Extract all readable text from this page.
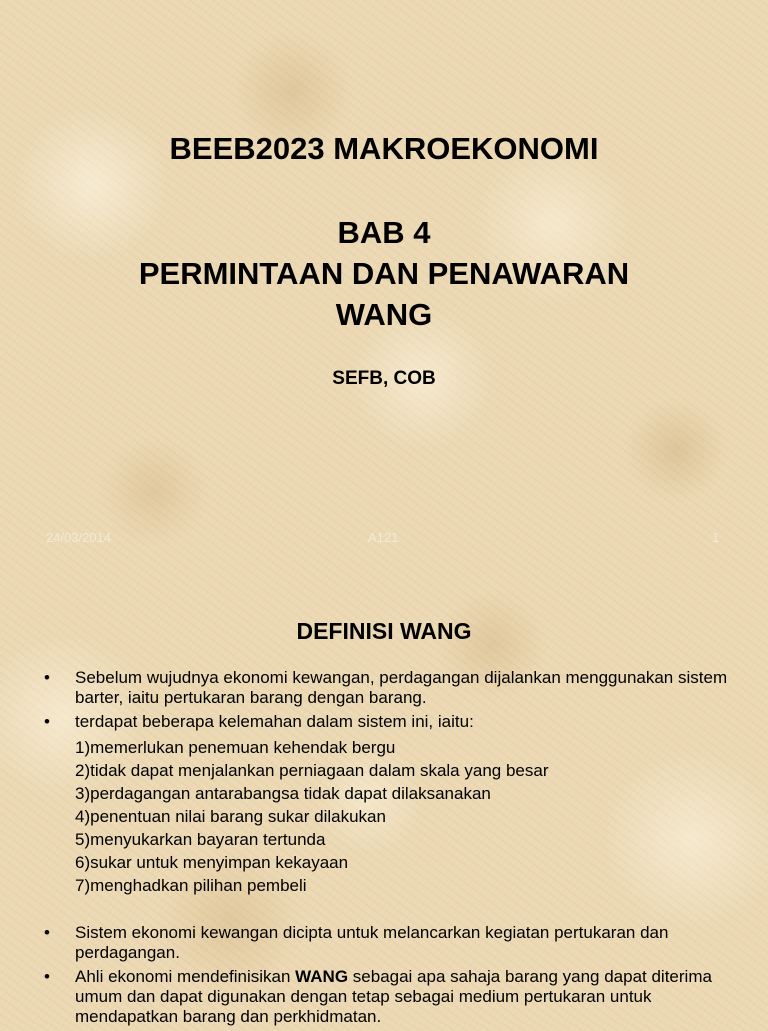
BEEB2023 MAKROEKONOMI
BAB 4
PERMINTAAN DAN PENAWARAN
WANG
SEFB, COB
24/03/2014	A121	1
DEFINISI WANG
• Sebelum wujudnya ekonomi kewangan, perdagangan dijalankan menggunakan sistem barter, iaitu pertukaran barang dengan barang.
• terdapat beberapa kelemahan dalam sistem ini, iaitu:
1)memerlukan penemuan kehendak bergu
2)tidak dapat menjalankan perniagaan dalam skala yang besar
3)perdagangan antarabangsa tidak dapat dilaksanakan
4)penentuan nilai barang sukar dilakukan
5)menyukarkan bayaran tertunda
6)sukar untuk menyimpan kekayaan
7)menghadkan pilihan pembeli
• Sistem ekonomi kewangan dicipta untuk melancarkan kegiatan pertukaran dan perdagangan.
• Ahli ekonomi mendefinisikan WANG sebagai apa sahaja barang yang dapat diterima umum dan dapat digunakan dengan tetap sebagai medium pertukaran untuk mendapatkan barang dan perkhidmatan.
